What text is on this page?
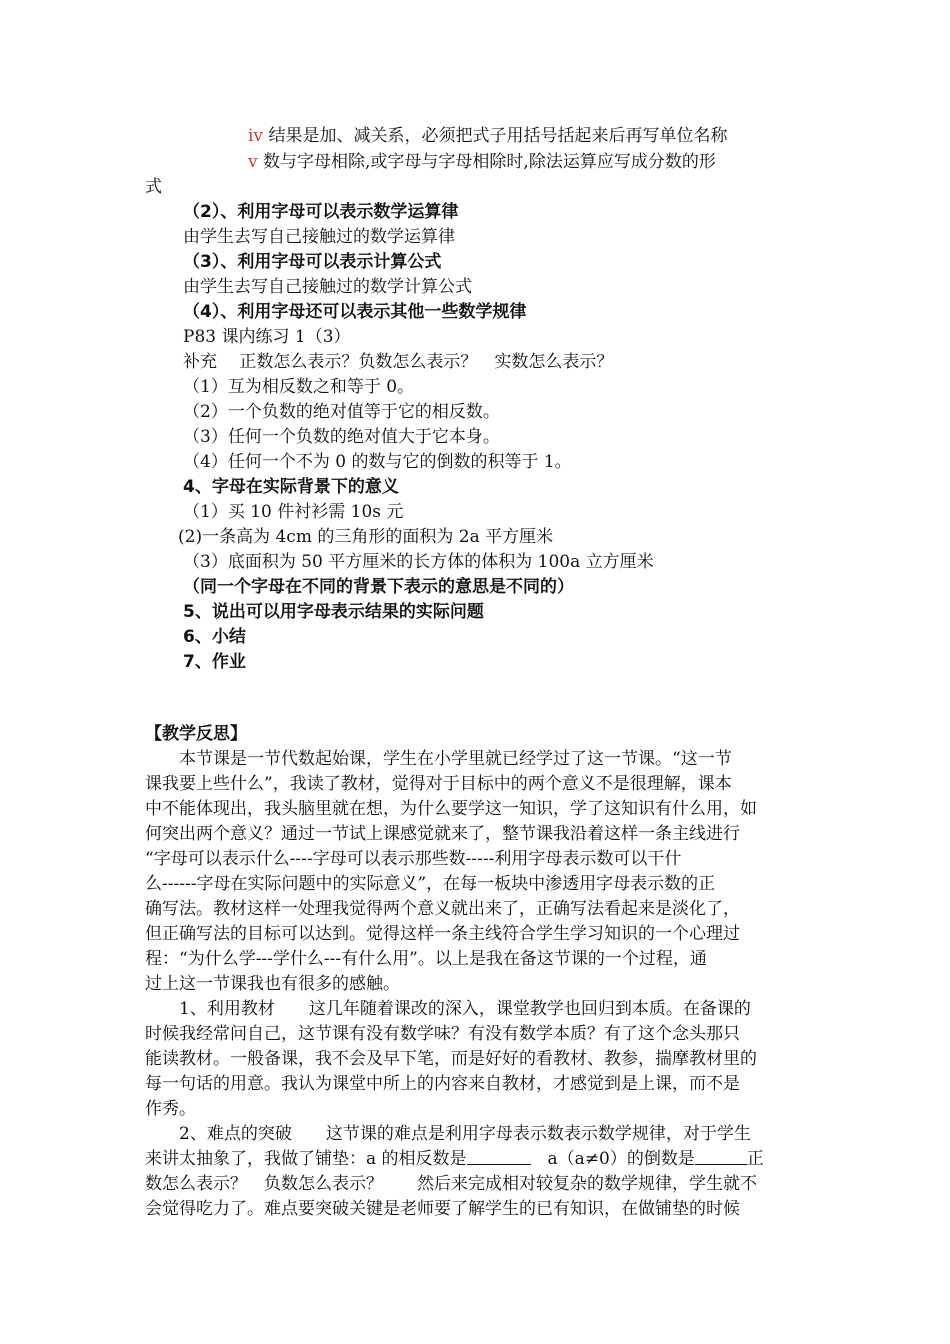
iv 结果是加、减关系，必须把式子用括号括起来后再写单位名称
v 数与字母相除,或字母与字母相除时,除法运算应写成分数的形
式
（2）、利用字母可以表示数学运算律
由学生去写自己接触过的数学运算律
（3）、利用字母可以表示计算公式
由学生去写自己接触过的数学计算公式
（4）、利用字母还可以表示其他一些数学规律
P83 课内练习 1（3）
补充　 正数怎么表示？负数怎么表示？　实数怎么表示？
（1）互为相反数之和等于 0。
（2）一个负数的绝对值等于它的相反数。
（3）任何一个负数的绝对值大于它本身。
（4）任何一个不为 0 的数与它的倒数的积等于 1。
4、字母在实际背景下的意义
（1）买 10 件衬衫需 10s 元
(2)一条高为 4cm 的三角形的面积为 2a 平方厘米
（3）底面积为 50 平方厘米的长方体的体积为 100a 立方厘米
（同一个字母在不同的背景下表示的意思是不同的）
5、说出可以用字母表示结果的实际问题
6、小结
7、作业
【教学反思】
　　本节课是一节代数起始课，学生在小学里就已经学过了这一节课。“这一节
课我要上些什么”，我读了教材，觉得对于目标中的两个意义不是很理解，课本
中不能体现出，我头脑里就在想，为什么要学这一知识，学了这知识有什么用，如
何突出两个意义？通过一节试上课感觉就来了，整节课我沿着这样一条主线进行
“字母可以表示什么----字母可以表示那些数-----利用字母表示数可以干什
么------字母在实际问题中的实际意义”，在每一板块中渗透用字母表示数的正
确写法。教材这样一处理我觉得两个意义就出来了，正确写法看起来是淡化了，
但正确写法的目标可以达到。觉得这样一条主线符合学生学习知识的一个心理过
程：“为什么学---学什么---有什么用”。以上是我在备这节课的一个过程，通
过上这一节课我也有很多的感触。
　　1、利用教材　　这几年随着课改的深入，课堂教学也回归到本质。在备课的
时候我经常问自己，这节课有没有数学味？有没有数学本质？有了这个念头那只
能读教材。一般备课，我不会及早下笔，而是好好的看教材、教参，揣摩教材里的
每一句话的用意。我认为课堂中所上的内容来自教材，才感觉到是上课，而不是
作秀。
　　2、难点的突破　　这节课的难点是利用字母表示数表示数学规律，对于学生
来讲太抽象了，我做了铺垫：a 的相反数是	　a（a≠0）的倒数是	正
数怎么表示？　负数怎么表示？　　然后来完成相对较复杂的数学规律，学生就不
会觉得吃力了。难点要突破关键是老师要了解学生的已有知识，在做铺垫的时候
